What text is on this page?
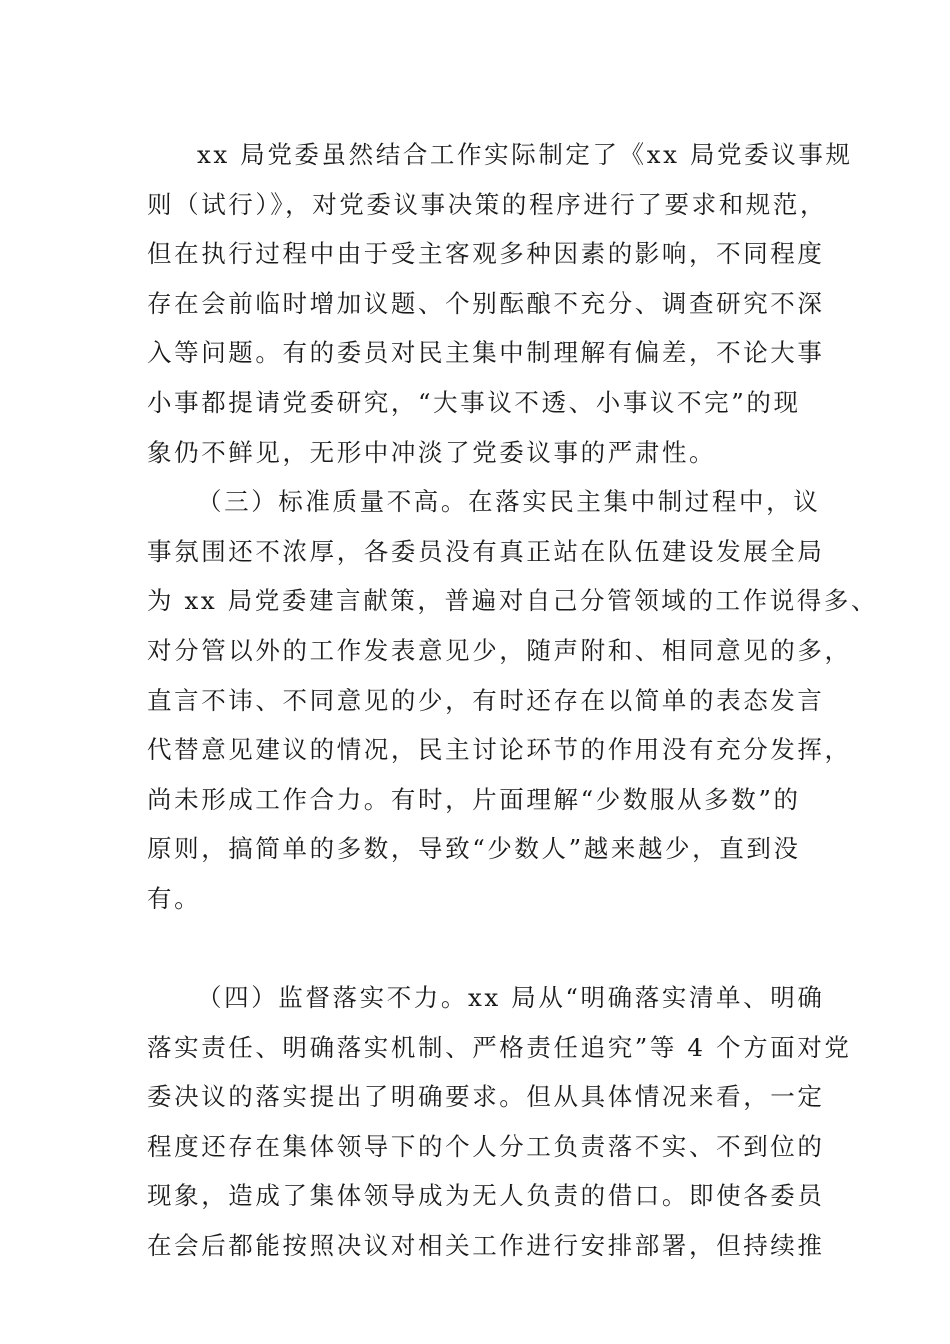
xx 局党委虽然结合工作实际制定了《xx 局党委议事规
则（试行）》，对党委议事决策的程序进行了要求和规范，
但在执行过程中由于受主客观多种因素的影响，不同程度
存在会前临时增加议题、个别酝酿不充分、调查研究不深
入等问题。有的委员对民主集中制理解有偏差，不论大事
小事都提请党委研究，“大事议不透、小事议不完”的现
象仍不鲜见，无形中冲淡了党委议事的严肃性。
（三）标准质量不高。在落实民主集中制过程中，议
事氛围还不浓厚，各委员没有真正站在队伍建设发展全局
为 xx 局党委建言献策，普遍对自己分管领域的工作说得多、
对分管以外的工作发表意见少，随声附和、相同意见的多，
直言不讳、不同意见的少，有时还存在以简单的表态发言
代替意见建议的情况，民主讨论环节的作用没有充分发挥，
尚未形成工作合力。有时，片面理解“少数服从多数”的
原则，搞简单的多数，导致“少数人”越来越少，直到没
有。
（四）监督落实不力。xx 局从“明确落实清单、明确
落实责任、明确落实机制、严格责任追究”等 4 个方面对党
委决议的落实提出了明确要求。但从具体情况来看，一定
程度还存在集体领导下的个人分工负责落不实、不到位的
现象，造成了集体领导成为无人负责的借口。即使各委员
在会后都能按照决议对相关工作进行安排部署，但持续推
